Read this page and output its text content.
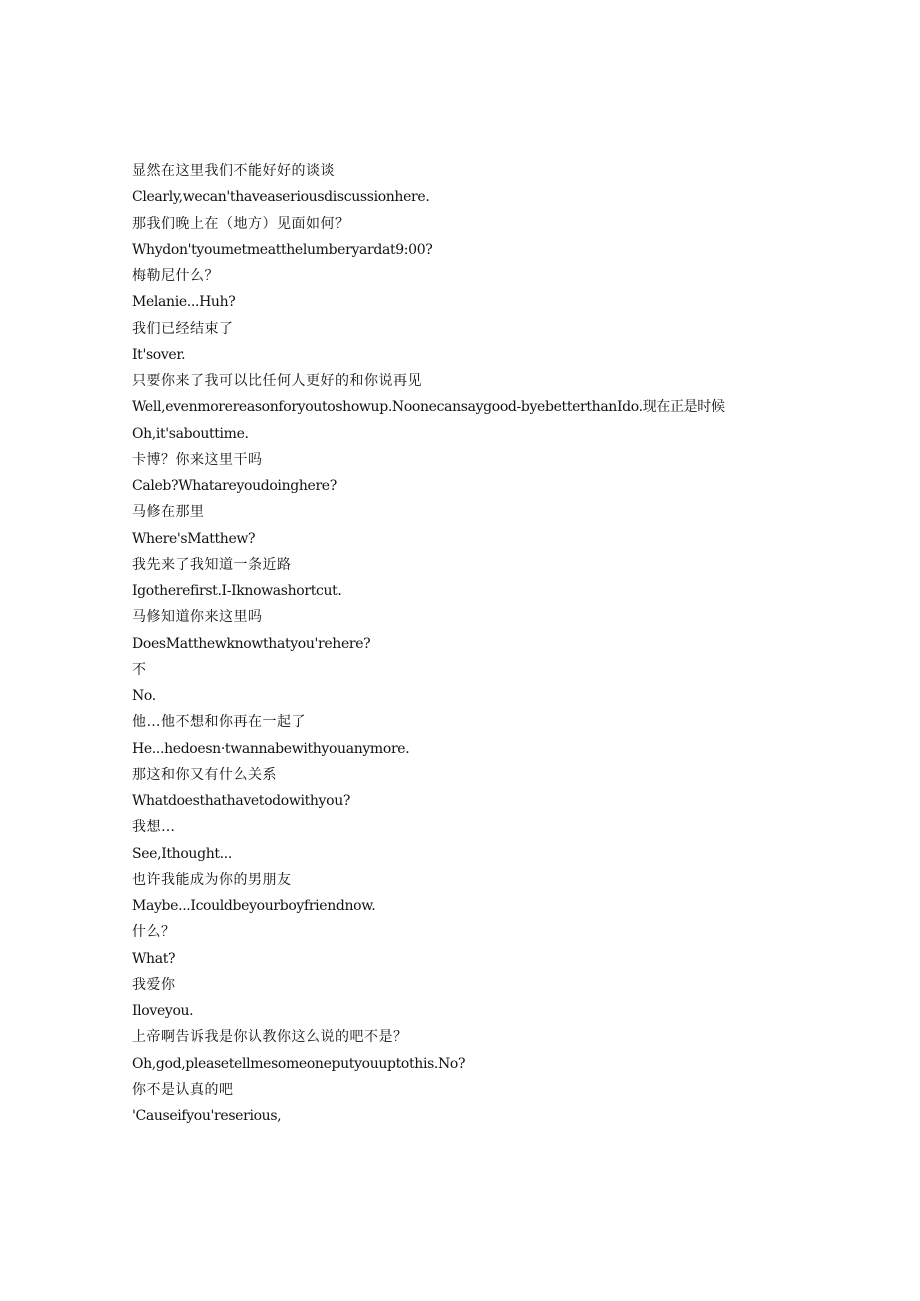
显然在这里我们不能好好的谈谈
Clearly,wecan'thaveaseriousdiscussionhere.
那我们晚上在（地方）见面如何？
Whydon'tyoumetmeatthelumberyardat9:00?
梅勒尼什么？
Melanie...Huh?
我们已经结束了
It'sover.
只要你来了我可以比任何人更好的和你说再见
Well,evenmorereasonforyoutoshowup.Noonecansaygood-byebetterthanIdo.现在正是时候
Oh,it'sabouttime.
卡博？你来这里干吗
Caleb?Whatareyoudoinghere?
马修在那里
Where'sMatthew?
我先来了我知道一条近路
Igotherefirst.I-Iknowashortcut.
马修知道你来这里吗
DoesMatthewknowthatyou'rehere?
不
No.
他…他不想和你再在一起了
He...hedoesn·twannabewithyouanymore.
那这和你又有什么关系
Whatdoesthathavetodowithyou?
我想…
See,Ithought...
也许我能成为你的男朋友
Maybe...Icouldbeyourboyfriendnow.
什么？
What?
我爱你
Iloveyou.
上帝啊告诉我是你认教你这么说的吧不是？
Oh,god,pleasetellmesomeoneputyouuptothis.No?
你不是认真的吧
'Causeifyou'reserious,
